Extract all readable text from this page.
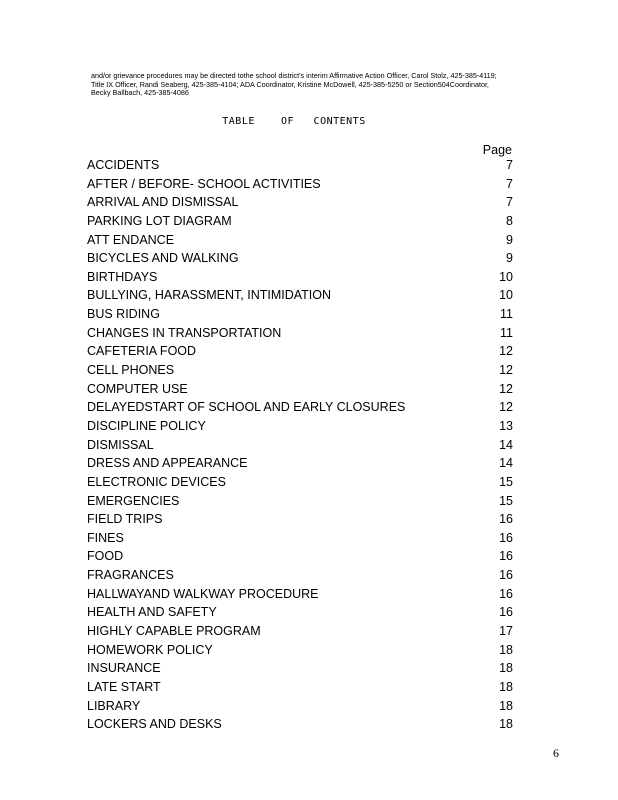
and/or grievance procedures may be directed tothe school district's interim Affirmative Action Officer, Carol Stolz, 425-385-4119;
Title IX Officer, Randi Seaberg, 425-385-4104; ADA Coordinator, Kristine McDowell, 425-385-5250 or Section504Coordinator,
Becky Ballbach, 425-385-4086
TABLE    OF   CONTENTS
Page
ACCIDENTS	7
AFTER / BEFORE- SCHOOL ACTIVITIES	7
ARRIVAL AND DISMISSAL	7
PARKING LOT DIAGRAM	8
ATT ENDANCE	9
BICYCLES AND WALKING	9
BIRTHDAYS	10
BULLYING, HARASSMENT, INTIMIDATION	10
BUS RIDING	11
CHANGES IN TRANSPORTATION	11
CAFETERIA FOOD	12
CELL PHONES	12
COMPUTER USE	12
DELAYEDSTART OF SCHOOL AND EARLY CLOSURES	12
DISCIPLINE POLICY	13
DISMISSAL	14
DRESS AND APPEARANCE	14
ELECTRONIC DEVICES	15
EMERGENCIES	15
FIELD TRIPS	16
FINES	16
FOOD	16
FRAGRANCES	16
HALLWAYAND WALKWAY PROCEDURE	16
HEALTH AND SAFETY	16
HIGHLY CAPABLE PROGRAM	17
HOMEWORK POLICY	18
INSURANCE	18
LATE START	18
LIBRARY	18
LOCKERS AND DESKS	18
6
